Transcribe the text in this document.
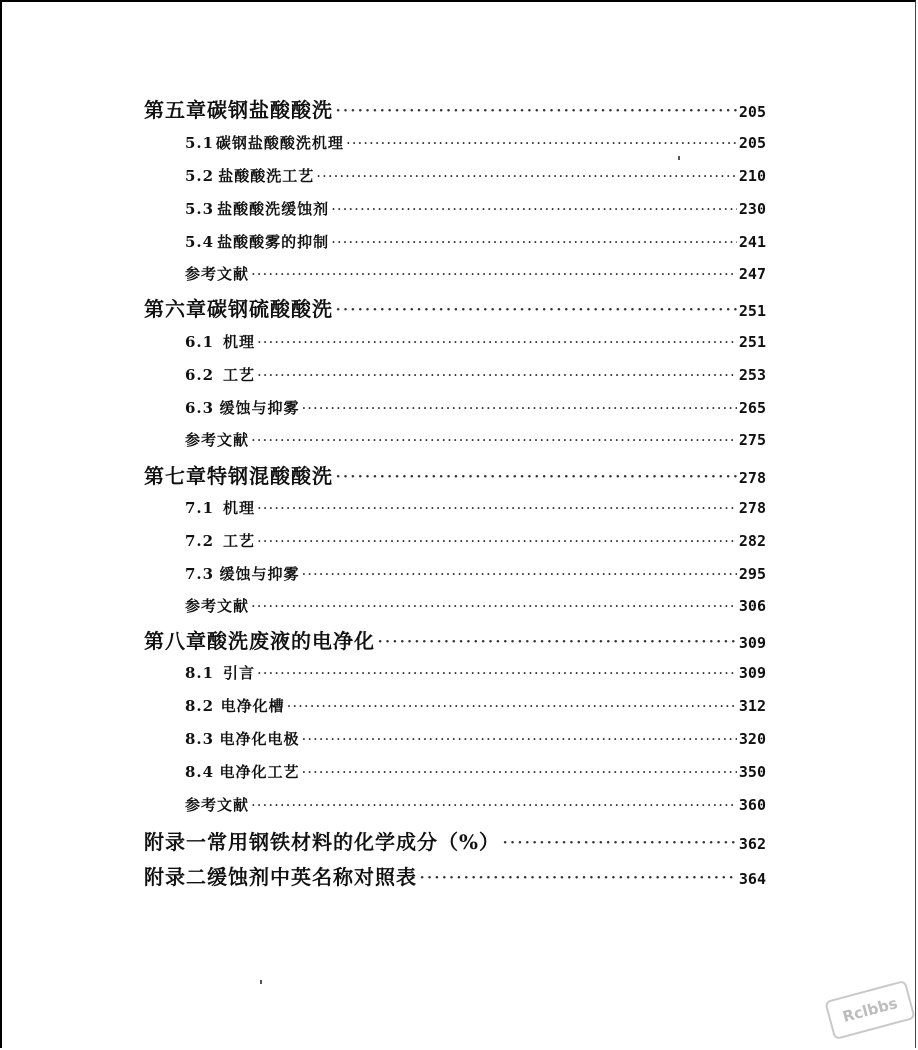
第五章 碳钢盐酸酸洗 ·····	205
5.1 碳钢盐酸酸洗机理 ·····	205
5.2 盐酸酸洗工艺 ·····	210
5.3 盐酸酸洗缓蚀剂 ·····	230
5.4 盐酸酸雾的抑制 ·····	241
参考文献 ·····	247
第六章 碳钢硫酸酸洗 ·····	251
6.1 机理 ·····	251
6.2 工艺 ·····	253
6.3 缓蚀与抑雾 ·····	265
参考文献 ·····	275
第七章 特钢混酸酸洗 ·····	278
7.1 机理 ·····	278
7.2 工艺 ·····	282
7.3 缓蚀与抑雾 ·····	295
参考文献 ·····	306
第八章 酸洗废液的电净化 ·····	309
8.1 引言 ·····	309
8.2 电净化槽 ·····	312
8.3 电净化电极 ·····	320
8.4 电净化工艺 ·····	350
参考文献 ·····	360
附录一 常用钢铁材料的化学成分（%） ·····	362
附录二 缓蚀剂中英名称对照表 ·····	364
Rclbbs
